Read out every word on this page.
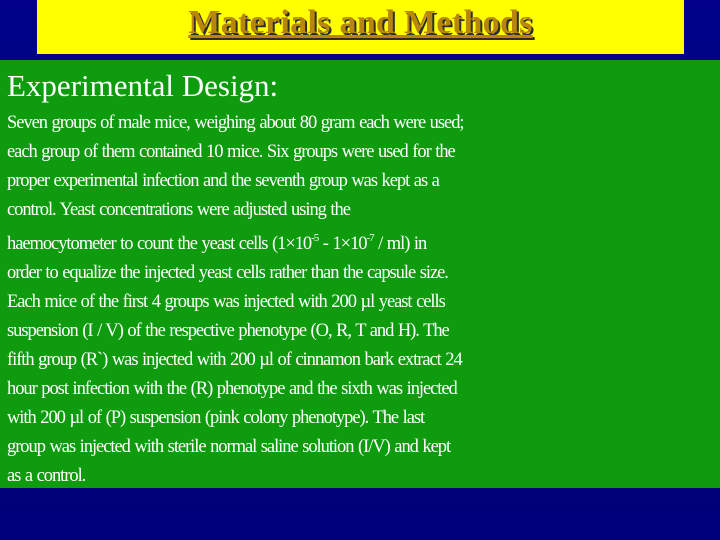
Materials and Methods
Experimental Design:
Seven groups of male mice, weighing about 80 gram each were used;
each group of them contained 10 mice. Six groups were used for the
proper experimental infection and the seventh group was kept as a
control. Yeast concentrations were adjusted using the
haemocytometer to count the yeast cells $(1\times 10^{-5} - 1\times 10^{-7} / ml)$ in
order to equalize the injected yeast cells rather than the capsule size.
Each mice of the first 4 groups was injected with 200 µl yeast cells
suspension (I / V) of the respective phenotype (O, R, T and H). The
fifth group (R`) was injected with 200 µl of cinnamon bark extract 24
hour post infection with the (R) phenotype and the sixth was injected
with 200 µl of (P) suspension (pink colony phenotype). The last
group was injected with sterile normal saline solution (I/V) and kept
as a control.
